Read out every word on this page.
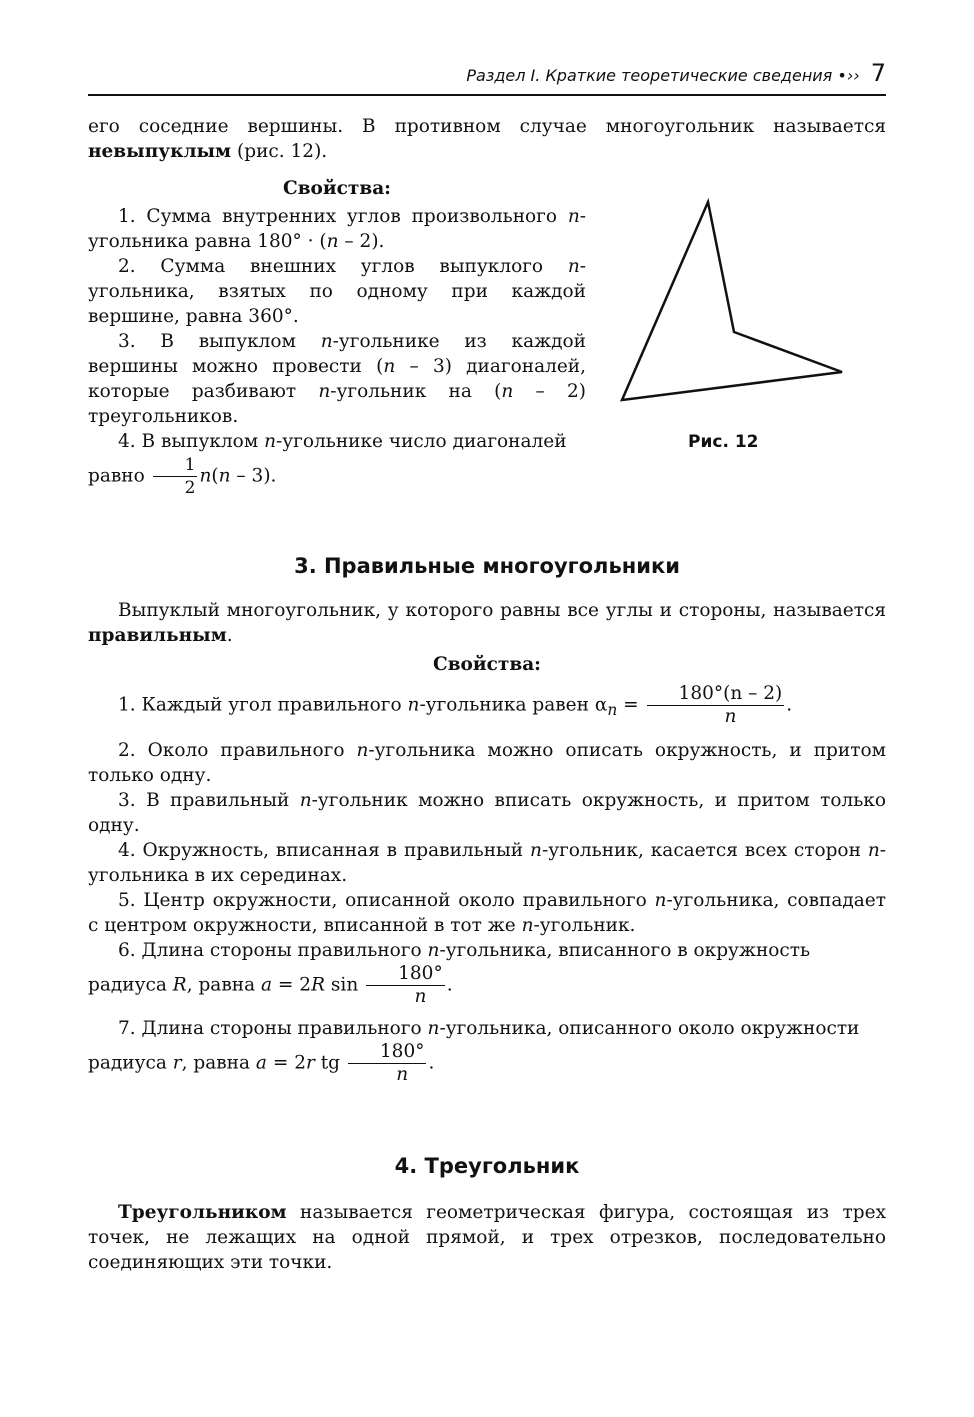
Раздел I. Краткие теоретические сведения •›› 7

его соседние вершины. В противном случае многоугольник называется невыпуклым (рис. 12).

Свойства:

1. Сумма внутренних углов произвольного n-угольника равна 180° · (n – 2).

2. Сумма внешних углов выпуклого n-угольника, взятых по одному при каждой вершине, равна 360°.

3. В выпуклом n-угольнике из каждой вершины можно провести (n – 3) диагоналей, которые разбивают n-угольник на (n – 2) треугольников.

4. В выпуклом n-угольнике число диагоналей равно $\frac{1}{2} n(n - 3)$.

Рис. 12
3. Правильные многоугольники

Выпуклый многоугольник, у которого равны все углы и стороны, называется правильным.

Свойства:

1. Каждый угол правильного n-угольника равен $\alpha_n = \frac{180^\circ(n - 2)}{n}$ .

2. Около правильного n-угольника можно описать окружность, и притом только одну.

3. В правильный n-угольник можно вписать окружность, и притом только одну.

4. Окружность, вписанная в правильный n-угольник, касается всех сторон n-угольника в их серединах.

5. Центр окружности, описанной около правильного n-угольника, совпадает с центром окружности, вписанной в тот же n-угольник.

6. Длина стороны правильного n-угольника, вписанного в окружность радиуса R, равна a = 2R $\sin \frac{180^\circ}{n}$ .

7. Длина стороны правильного n-угольника, описанного около окружности радиуса r, равна a = 2r tg $\frac{180^\circ}{n}$ .

4. Треугольник

Треугольником называется геометрическая фигура, состоящая из трех точек, не лежащих на одной прямой, и трех отрезков, последовательно соединяющих эти точки.
